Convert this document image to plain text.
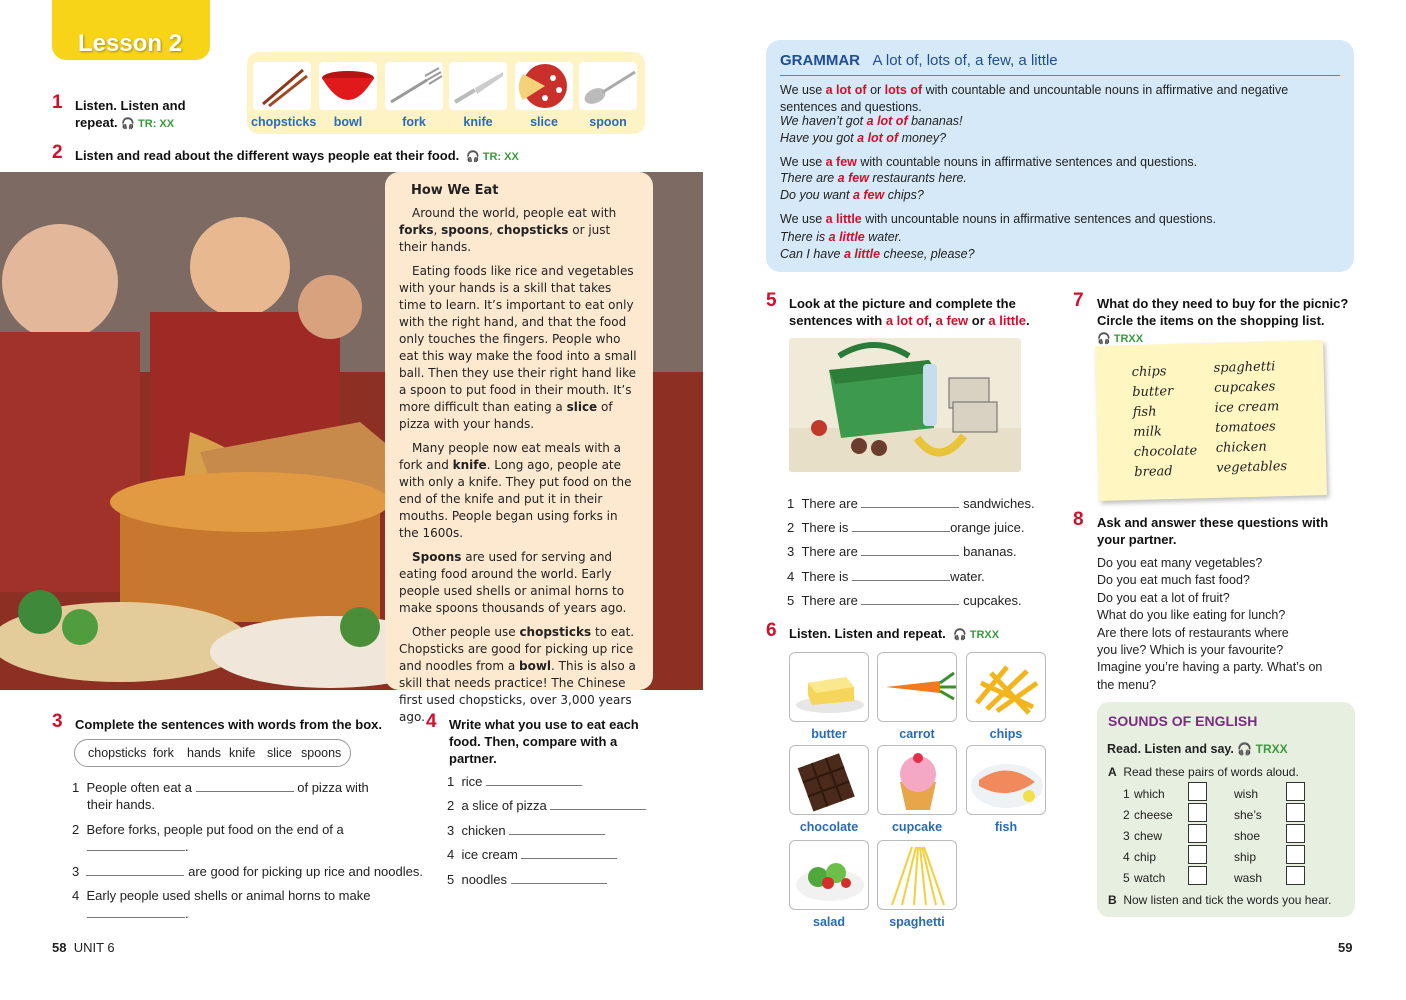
Lesson 2
1 Listen. Listen and
repeat. 🎧 TR: XX	chopsticks	bowl	fork	knife	slice	spoon
2 Listen and read about the different ways people eat their food.  🎧 TR: XX
How We Eat

Around the world, people eat with forks, spoons, chopsticks or just their hands.

Eating foods like rice and vegetables with your hands is a skill that takes time to learn. It’s important to eat only with the right hand, and that the food only touches the fingers. People who eat this way make the food into a small ball. Then they use their right hand like a spoon to put food in their mouth. It’s more difficult than eating a slice of pizza with your hands.

Many people now eat meals with a fork and knife. Long ago, people ate with only a knife. They put food on the end of the knife and put it in their mouths. People began using forks in the 1600s.

Spoons are used for serving and eating food around the world. Early people used shells or animal horns to make spoons thousands of years ago.

Other people use chopsticks to eat. Chopsticks are good for picking up rice and noodles from a bowl. This is also a skill that needs practice! The Chinese first used chopsticks, over 3,000 years ago.

3 Complete the sentences with words from the box.
chopsticks fork hands knife slice spoons
1 People often eat a	of pizza with
their hands.
2 Before forks, people put food on the end of a
.
3	are good for picking up rice and noodles.
4 Early people used shells or animal horns to make
.
4 Write what you use to eat each
food. Then, compare with a
partner.
1 rice
2 a slice of pizza
3 chicken
4 ice cream
5 noodles
58 UNIT 6	59
GRAMMAR A lot of, lots of, a few, a little
We use a lot of or lots of with countable and uncountable nouns in affirmative and negative sentences and questions.
We haven’t got a lot of bananas!
Have you got a lot of money?
We use a few with countable nouns in affirmative sentences and questions.
There are a few restaurants here.
Do you want a few chips?
We use a little with uncountable nouns in affirmative sentences and questions.
There is a little water.
Can I have a little cheese, please?
5 Look at the picture and complete the
sentences with a lot of, a few or a little.
1 There are	sandwiches.
2 There is	orange juice.
3 There are	bananas.
4 There is	water.
5 There are	cupcakes.
6 Listen. Listen and repeat. 🎧 TRXX
butter	carrot	chips
chocolate	cupcake	fish
salad	spaghetti
7 What do they need to buy for the picnic?
Circle the items on the shopping list.
🎧 TRXX
chips
butter
fish
milk
chocolate
bread
spaghetti
cupcakes
ice cream
tomatoes
chicken
vegetables
8 Ask and answer these questions with
your partner.
Do you eat many vegetables?
Do you eat much fast food?
Do you eat a lot of fruit?
What do you like eating for lunch?
Are there lots of restaurants where
you live? Which is your favourite?
Imagine you’re having a party. What’s on
the menu?
SOUNDS OF ENGLISH
Read. Listen and say. 🎧 TRXX
A Read these pairs of words aloud.
1 which	wish
2 cheese	she’s
3 chew	shoe
4 chip	ship
5 watch	wash
B Now listen and tick the words you hear.
